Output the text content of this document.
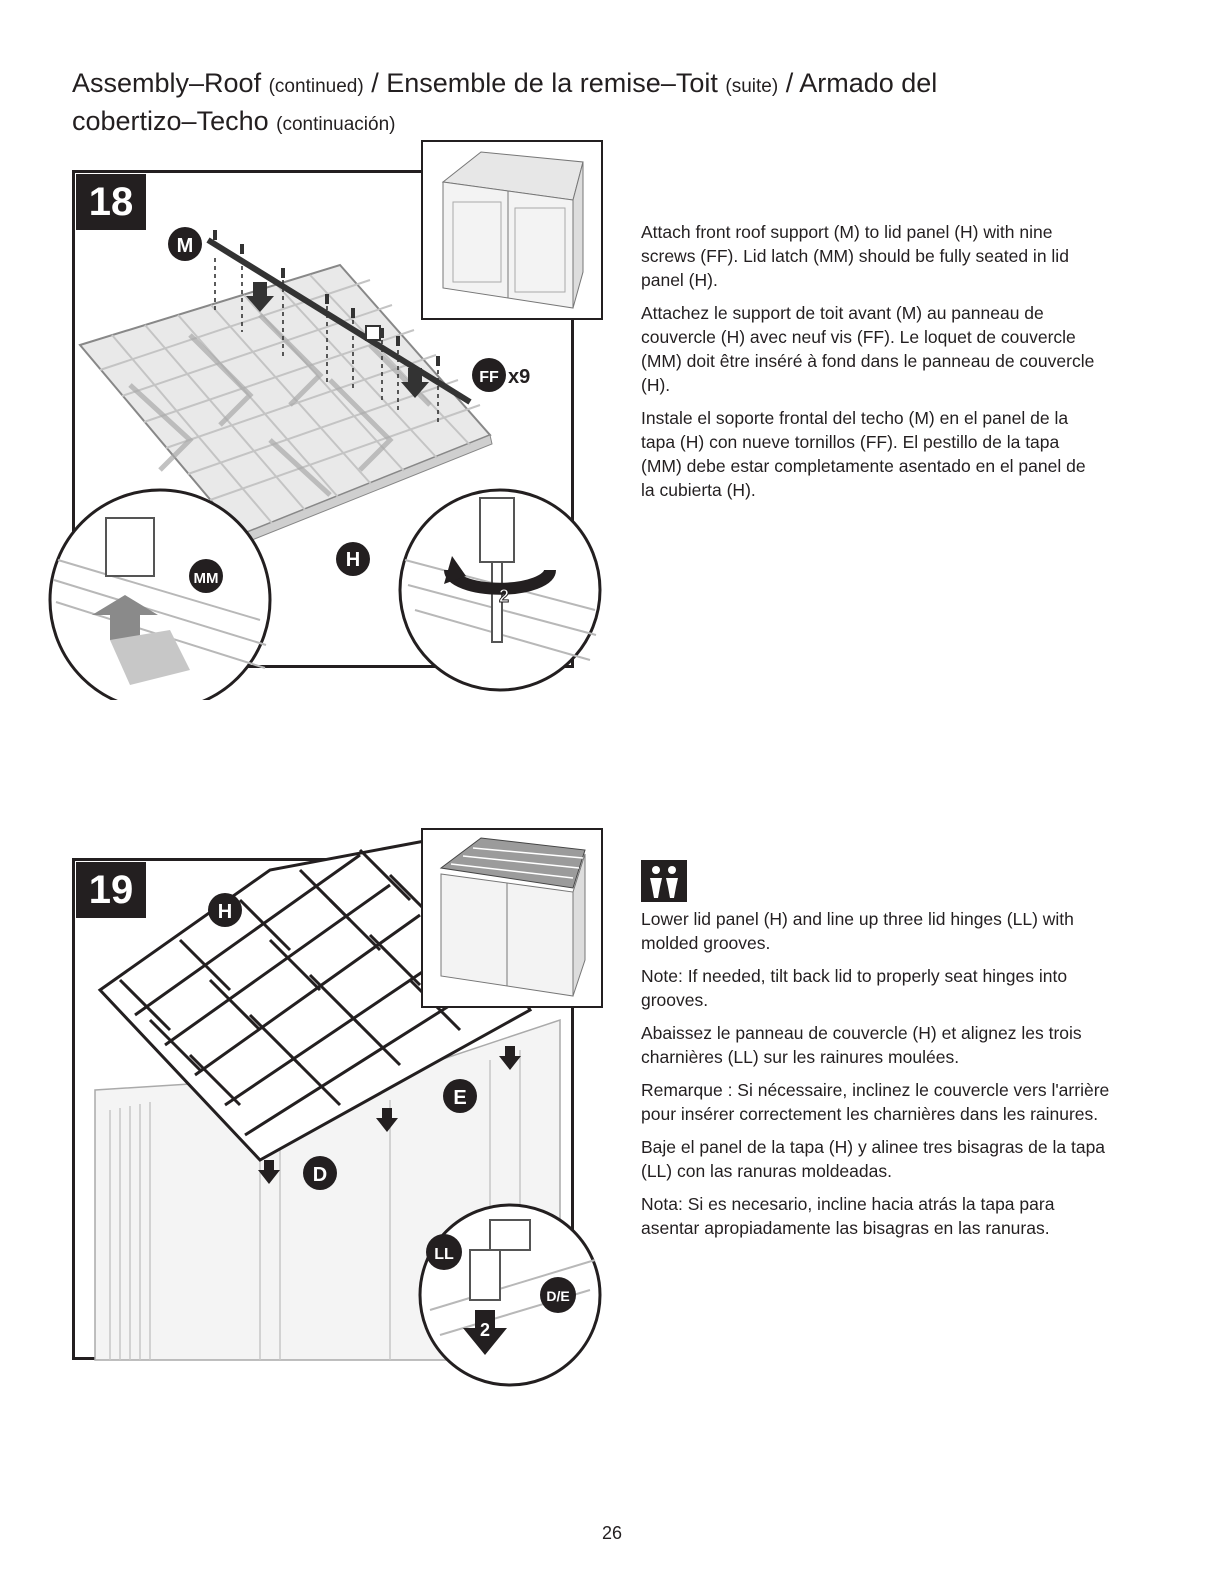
Assembly–Roof (continued) / Ensemble de la remise–Toit (suite) / Armado del
cobertizo–Techo (continuación)
M
FF x9
H
MM
2
18

Attach front roof support (M) to lid panel (H) with nine screws (FF). Lid latch (MM) should be fully seated in lid panel (H).

Attachez le support de toit avant (M) au panneau de couvercle (H) avec neuf vis (FF). Le loquet de couvercle (MM) doit être inséré à fond dans le panneau de couvercle (H).

Instale el soporte frontal del techo (M) en el panel de la tapa (H) con nueve tornillos (FF). El pestillo de la tapa (MM) debe estar completamente asentado en el panel de la cubierta (H).

H
E
D
2
LL
D/E
19

Lower lid panel (H) and line up three lid hinges (LL) with molded grooves.

Note: If needed, tilt back lid to properly seat hinges into grooves.

Abaissez le panneau de couvercle (H) et alignez les trois charnières (LL) sur les rainures moulées.

Remarque : Si nécessaire, inclinez le couvercle vers l'arrière pour insérer correctement les charnières dans les rainures.

Baje el panel de la tapa (H) y alinee tres bisagras de la tapa (LL) con las ranuras moldeadas.

Nota: Si es necesario, incline hacia atrás la tapa para asentar apropiadamente las bisagras en las ranuras.

26
